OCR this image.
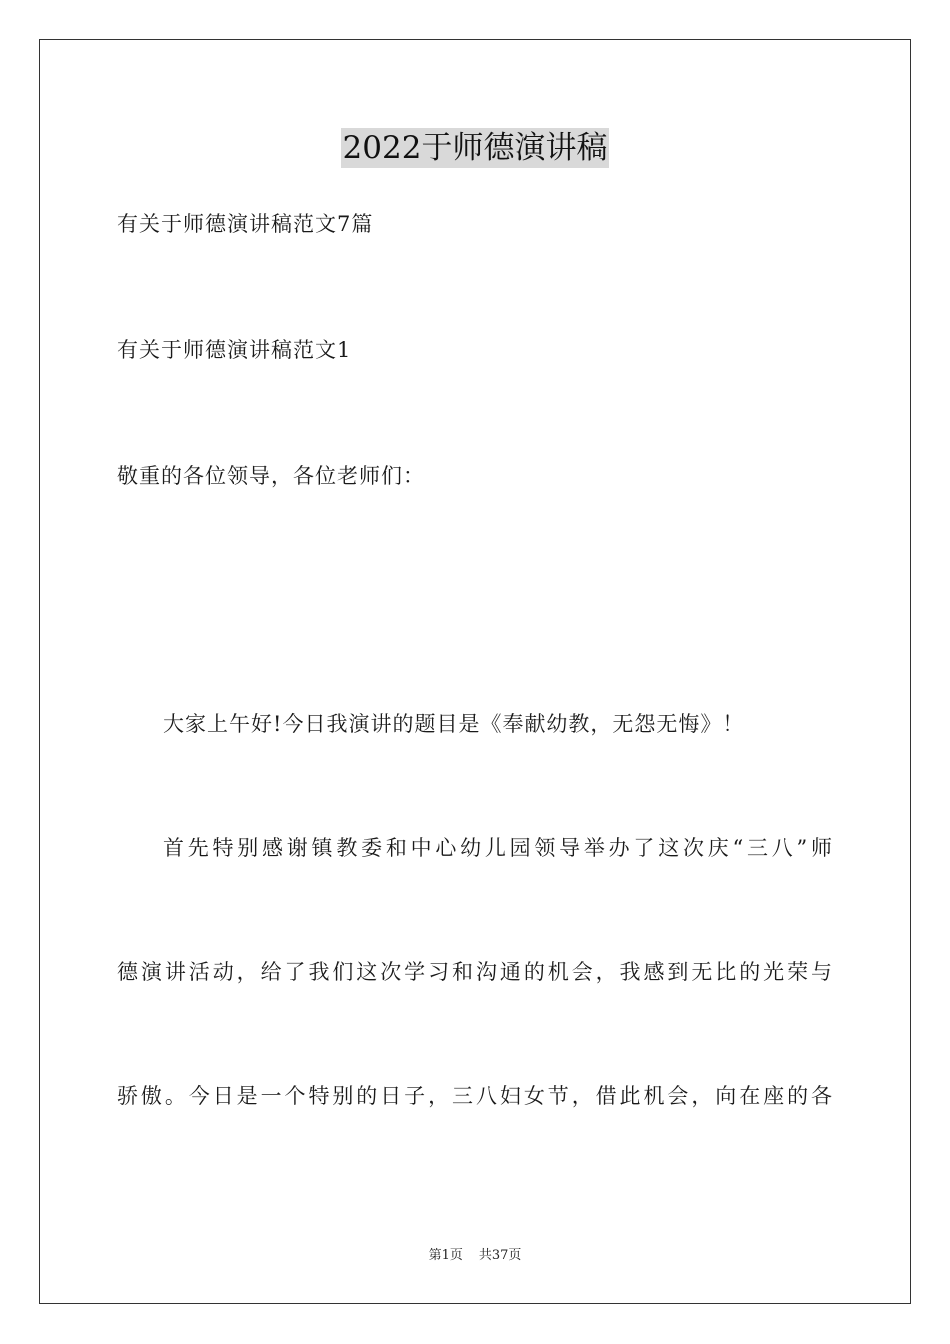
2022于师德演讲稿
有关于师德演讲稿范文7篇
有关于师德演讲稿范文1
敬重的各位领导，各位老师们：
大家上午好!今日我演讲的题目是《奉献幼教，无怨无悔》！
首先特别感谢镇教委和中心幼儿园领导举办了这次庆“三八”师
德演讲活动，给了我们这次学习和沟通的机会，我感到无比的光荣与
骄傲。今日是一个特别的日子，三八妇女节，借此机会，向在座的各
第1页 共37页
